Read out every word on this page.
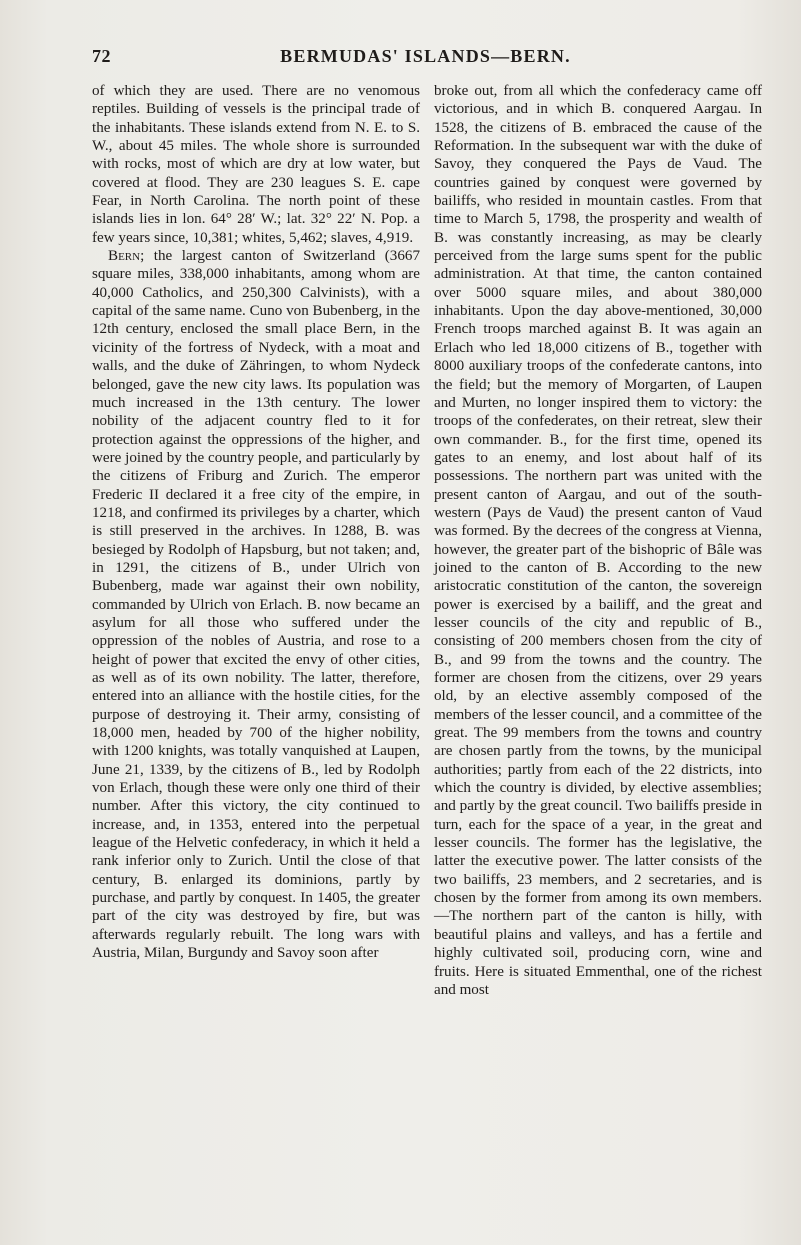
72	BERMUDAS' ISLANDS—BERN.

of which they are used. There are no venomous reptiles. Building of vessels is the principal trade of the inhabitants. These islands extend from N. E. to S. W., about 45 miles. The whole shore is surrounded with rocks, most of which are dry at low water, but covered at flood. They are 230 leagues S. E. cape Fear, in North Carolina. The north point of these islands lies in lon. 64° 28′ W.; lat. 32° 22′ N. Pop. a few years since, 10,381; whites, 5,462; slaves, 4,919.

Bern; the largest canton of Switzerland (3667 square miles, 338,000 inhabitants, among whom are 40,000 Catholics, and 250,300 Calvinists), with a capital of the same name. Cuno von Bubenberg, in the 12th century, enclosed the small place Bern, in the vicinity of the fortress of Nydeck, with a moat and walls, and the duke of Zähringen, to whom Nydeck belonged, gave the new city laws. Its population was much increased in the 13th century. The lower nobility of the adjacent country fled to it for protection against the oppressions of the higher, and were joined by the country people, and particularly by the citizens of Friburg and Zurich. The emperor Frederic II declared it a free city of the empire, in 1218, and confirmed its privileges by a charter, which is still preserved in the archives. In 1288, B. was besieged by Rodolph of Hapsburg, but not taken; and, in 1291, the citizens of B., under Ulrich von Bubenberg, made war against their own nobility, commanded by Ulrich von Erlach. B. now became an asylum for all those who suffered under the oppression of the nobles of Austria, and rose to a height of power that excited the envy of other cities, as well as of its own nobility. The latter, therefore, entered into an alliance with the hostile cities, for the purpose of destroying it. Their army, consisting of 18,000 men, headed by 700 of the higher nobility, with 1200 knights, was totally vanquished at Laupen, June 21, 1339, by the citizens of B., led by Rodolph von Erlach, though these were only one third of their number. After this victory, the city continued to increase, and, in 1353, entered into the perpetual league of the Helvetic confederacy, in which it held a rank inferior only to Zurich. Until the close of that century, B. enlarged its dominions, partly by purchase, and partly by conquest. In 1405, the greater part of the city was destroyed by fire, but was afterwards regularly rebuilt. The long wars with Austria, Milan, Burgundy and Savoy soon after

broke out, from all which the confederacy came off victorious, and in which B. conquered Aargau. In 1528, the citizens of B. embraced the cause of the Reformation. In the subsequent war with the duke of Savoy, they conquered the Pays de Vaud. The countries gained by conquest were governed by bailiffs, who resided in mountain castles. From that time to March 5, 1798, the prosperity and wealth of B. was constantly increasing, as may be clearly perceived from the large sums spent for the public administration. At that time, the canton contained over 5000 square miles, and about 380,000 inhabitants. Upon the day above-mentioned, 30,000 French troops marched against B. It was again an Erlach who led 18,000 citizens of B., together with 8000 auxiliary troops of the confederate cantons, into the field; but the memory of Morgarten, of Laupen and Murten, no longer inspired them to victory: the troops of the confederates, on their retreat, slew their own commander. B., for the first time, opened its gates to an enemy, and lost about half of its possessions. The northern part was united with the present canton of Aargau, and out of the south-western (Pays de Vaud) the present canton of Vaud was formed. By the decrees of the congress at Vienna, however, the greater part of the bishopric of Bâle was joined to the canton of B. According to the new aristocratic constitution of the canton, the sovereign power is exercised by a bailiff, and the great and lesser councils of the city and republic of B., consisting of 200 members chosen from the city of B., and 99 from the towns and the country. The former are chosen from the citizens, over 29 years old, by an elective assembly composed of the members of the lesser council, and a committee of the great. The 99 members from the towns and country are chosen partly from the towns, by the municipal authorities; partly from each of the 22 districts, into which the country is divided, by elective assemblies; and partly by the great council. Two bailiffs preside in turn, each for the space of a year, in the great and lesser councils. The former has the legislative, the latter the executive power. The latter consists of the two bailiffs, 23 members, and 2 secretaries, and is chosen by the former from among its own members.—The northern part of the canton is hilly, with beautiful plains and valleys, and has a fertile and highly cultivated soil, producing corn, wine and fruits. Here is situated Emmenthal, one of the richest and most
